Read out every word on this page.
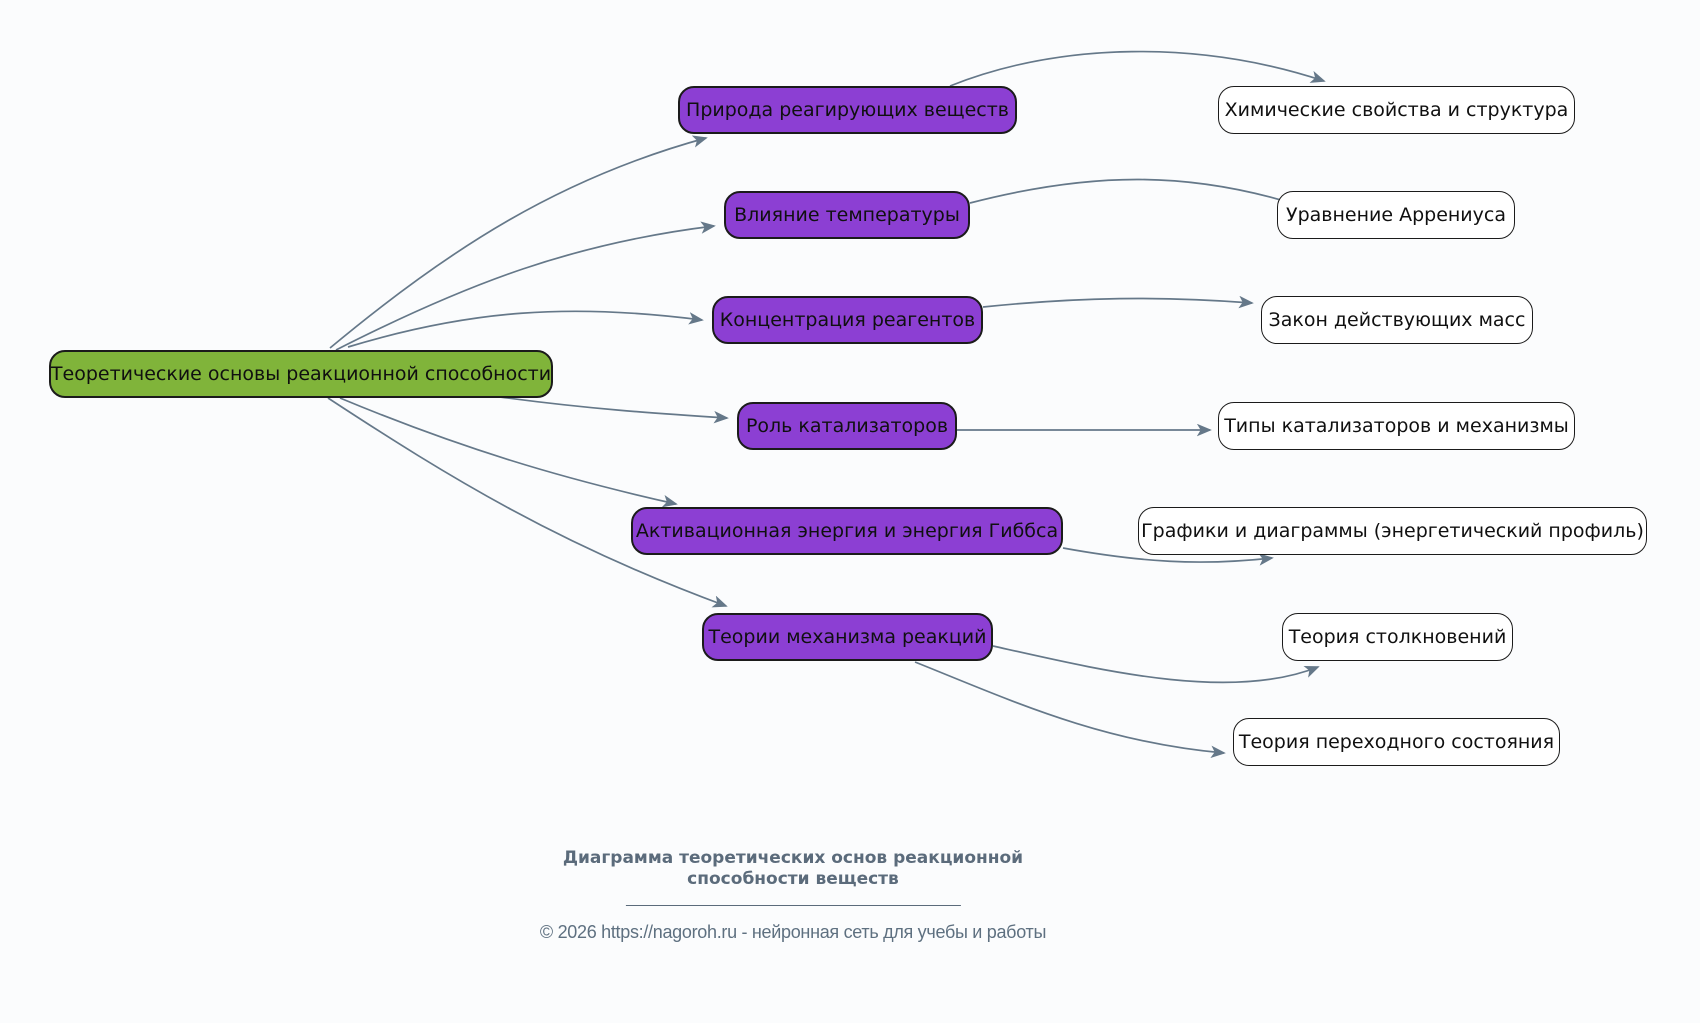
Теоретические основы реакционной способности
Природа реагирующих веществ
Влияние температуры
Концентрация реагентов
Роль катализаторов
Активационная энергия и энергия Гиббса
Теории механизма реакций
Химические свойства и структура
Уравнение Аррениуса
Закон действующих масс
Типы катализаторов и механизмы
Графики и диаграммы (энергетический профиль)
Теория столкновений
Теория переходного состояния
Диаграмма теоретических основ реакционной
способности веществ
© 2026 https://nagoroh.ru - нейронная сеть для учебы и работы
